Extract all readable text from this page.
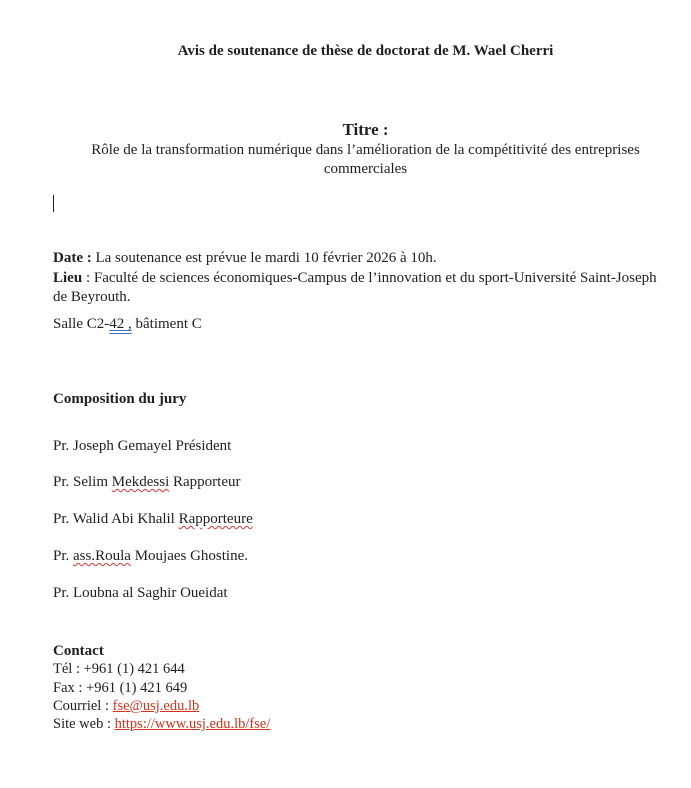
Avis de soutenance de thèse de doctorat de M. Wael Cherri
Titre :
Rôle de la transformation numérique dans l’amélioration de la compétitivité des entreprises commerciales
Date : La soutenance est prévue le mardi 10 février 2026 à 10h.
Lieu : Faculté de sciences économiques-Campus de l’innovation et du sport-Université Saint-Joseph de Beyrouth.
Salle C2-42 , bâtiment C
Composition du jury
Pr. Joseph Gemayel Président
Pr. Selim Mekdessi Rapporteur
Pr. Walid Abi Khalil Rapporteure
Pr. ass.Roula Moujaes Ghostine.
Pr. Loubna al Saghir Oueidat
Contact
Tél : +961 (1) 421 644
Fax : +961 (1) 421 649
Courriel : fse@usj.edu.lb
Site web : https://www.usj.edu.lb/fse/
